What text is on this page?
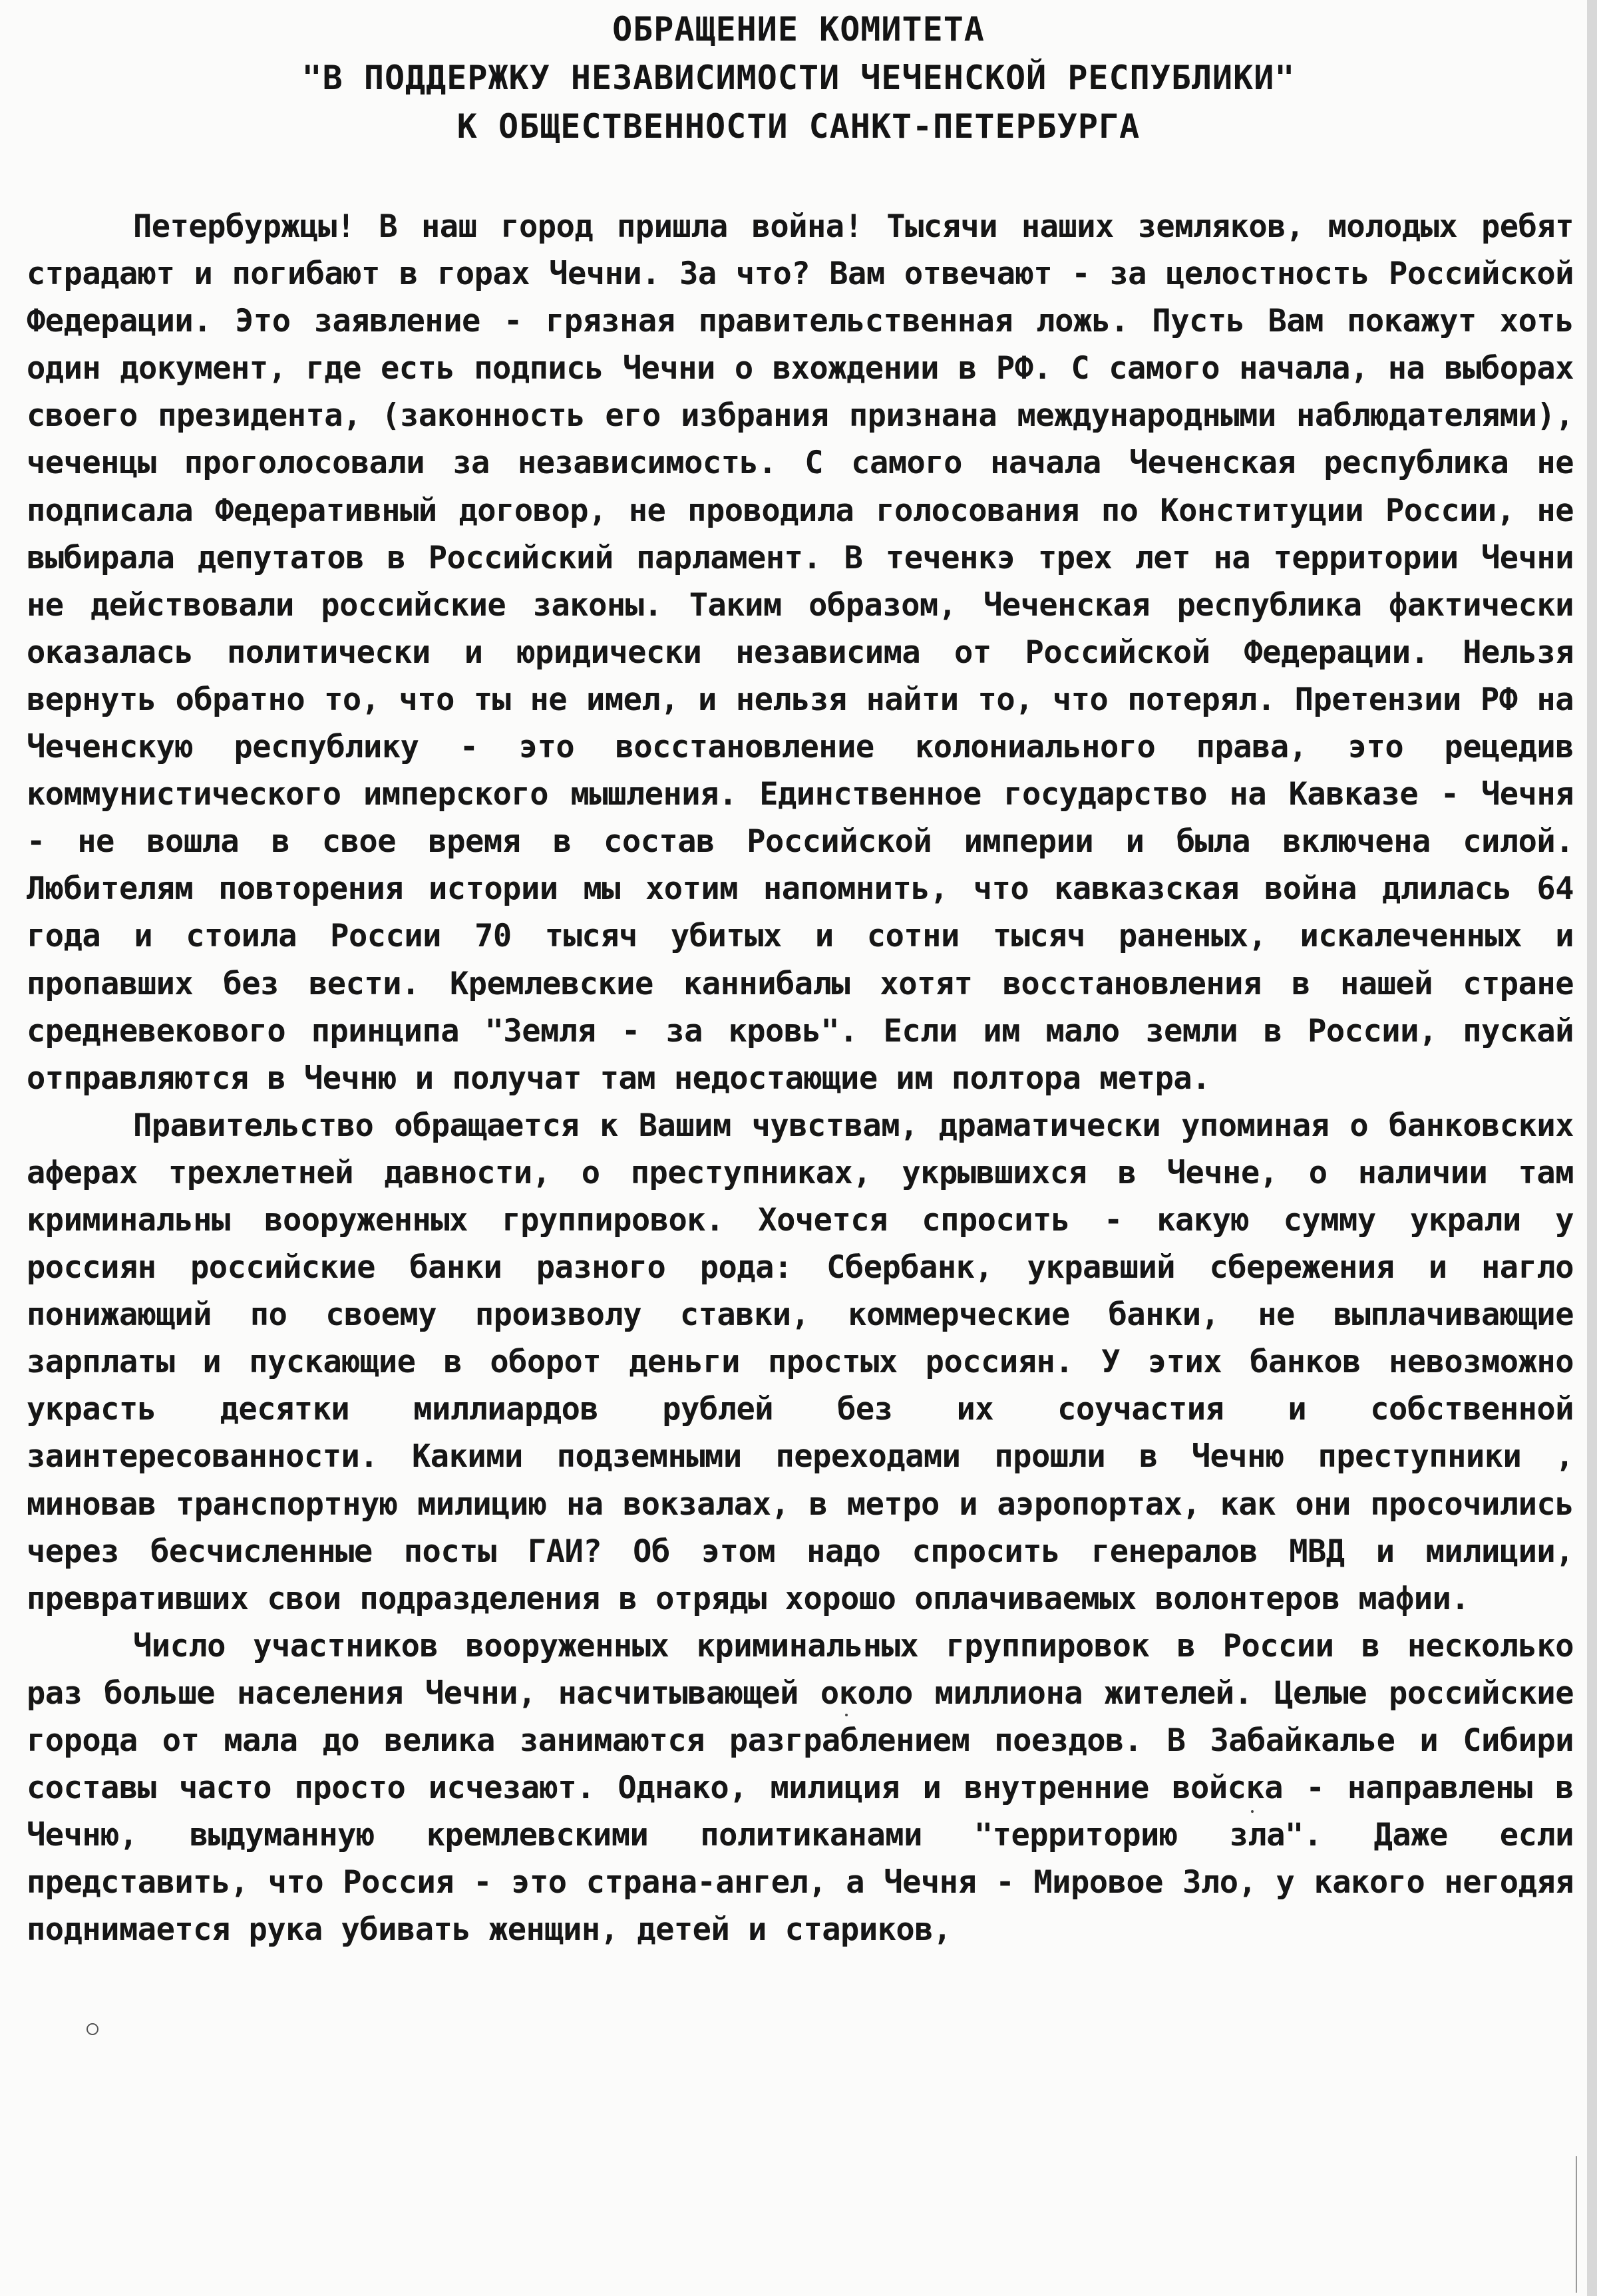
ОБРАЩЕНИЕ КОМИТЕТА
"В ПОДДЕРЖКУ НЕЗАВИСИМОСТИ ЧЕЧЕНСКОЙ РЕСПУБЛИКИ"
К ОБЩЕСТВЕННОСТИ САНКТ-ПЕТЕРБУРГА

Петербуржцы! В наш город пришла война! Тысячи наших земляков, молодых ребят страдают и погибают в горах Чечни. За что? Вам отвечают - за целостность Российской Федерации. Это заявление - грязная правительственная ложь. Пусть Вам покажут хоть один документ, где есть подпись Чечни о вхождении в РФ. С самого начала, на выборах своего президента, (законность его избрания признана международными наблюдателями), чеченцы проголосовали за независимость. С самого начала Чеченская республика не подписала Федеративный договор, не проводила голосования по Конституции России, не выбирала депутатов в Российский парламент. В теченкэ трех лет на территории Чечни не действовали российские законы. Таким образом, Чеченская республика фактически оказалась политически и юридически независима от Российской Федерации. Нельзя вернуть обратно то, что ты не имел, и нельзя найти то, что потерял. Претензии РФ на Чеченскую республику - это восстановление колониального права, это рецедив коммунистического имперского мышления. Единственное государство на Кавказе - Чечня - не вошла в свое время в состав Российской империи и была включена силой. Любителям повторения истории мы хотим напомнить, что кавказская война длилась 64 года и стоила России 70 тысяч убитых и сотни тысяч раненых, искалеченных и пропавших без вести. Кремлевские каннибалы хотят восстановления в нашей стране средневекового принципа "Земля - за кровь". Если им мало земли в России, пускай отправляются в Чечню и получат там недостающие им полтора метра.

Правительство обращается к Вашим чувствам, драматически упоминая о банковских аферах трехлетней давности, о преступниках, укрывшихся в Чечне, о наличии там криминальны вооруженных группировок. Хочется спросить - какую сумму украли у россиян российские банки разного рода: Сбербанк, укравший сбережения и нагло понижающий по своему произволу ставки, коммерческие банки, не выплачивающие зарплаты и пускающие в оборот деньги простых россиян. У этих банков невозможно украсть десятки миллиардов рублей без их соучастия и собственной заинтересованности. Какими подземными переходами прошли в Чечню преступники , миновав транспортную милицию на вокзалах, в метро и аэропортах, как они просочились через бесчисленные посты ГАИ? Об этом надо спросить генералов МВД и милиции, превративших свои подразделения в отряды хорошо оплачиваемых волонтеров мафии.

Число участников вооруженных криминальных группировок в России в несколько раз больше населения Чечни, насчитывающей около миллиона жителей. Целые российские города от мала до велика занимаются разграблением поездов. В Забайкалье и Сибири составы часто просто исчезают. Однако, милиция и внутренние войска - направлены в Чечню, выдуманную кремлевскими политиканами "территорию зла". Даже если представить, что Россия - это страна-ангел, а Чечня - Мировое Зло, у какого негодяя поднимается рука убивать женщин, детей и стариков,
